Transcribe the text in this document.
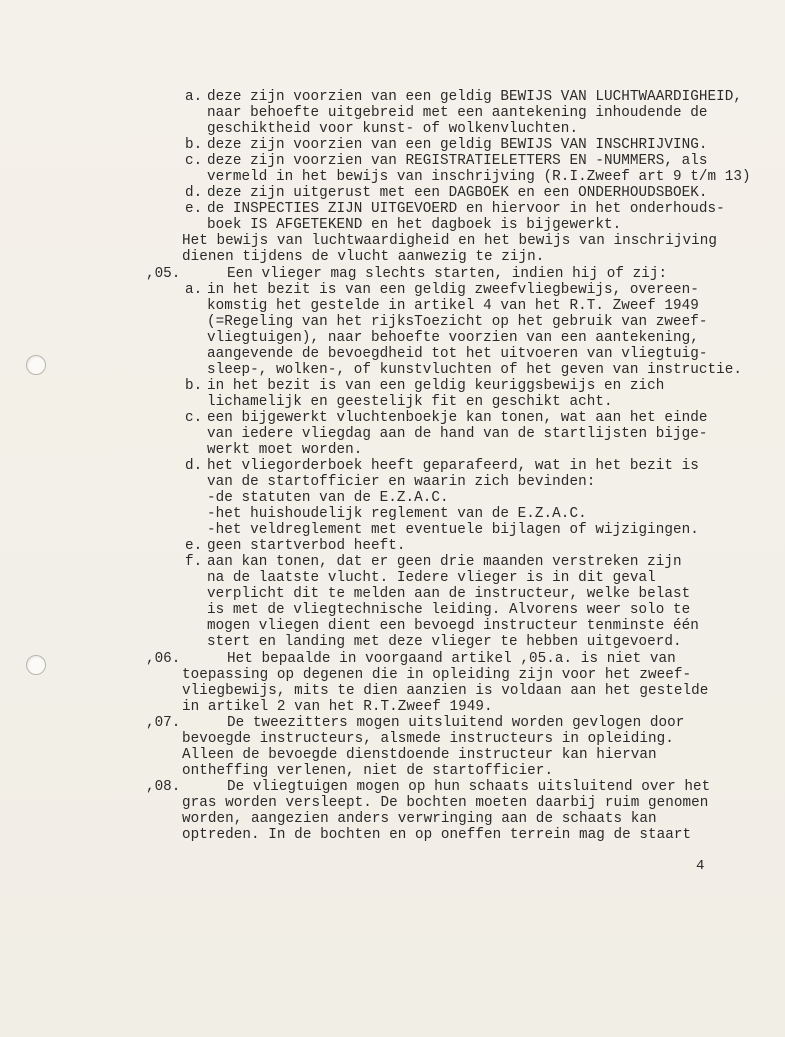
a. deze zijn voorzien van een geldig BEWIJS VAN LUCHTWAARDIGHEID,
naar behoefte uitgebreid met een aantekening inhoudende de
geschiktheid voor kunst- of wolkenvluchten.
b. deze zijn voorzien van een geldig BEWIJS VAN INSCHRIJVING.
c. deze zijn voorzien van REGISTRATIELETTERS EN -NUMMERS, als
vermeld in het bewijs van inschrijving (R.I.Zweef art 9 t/m 13)
d. deze zijn uitgerust met een DAGBOEK en een ONDERHOUDSBOEK.
e. de INSPECTIES ZIJN UITGEVOERD en hiervoor in het onderhouds-
boek IS AFGETEKEND en het dagboek is bijgewerkt.
Het bewijs van luchtwaardigheid en het bewijs van inschrijving
dienen tijdens de vlucht aanwezig te zijn.
,05.	Een vlieger mag slechts starten, indien hij of zij:
a. in het bezit is van een geldig zweefvliegbewijs, overeen-
komstig het gestelde in artikel 4 van het R.T. Zweef 1949
(=Regeling van het rijksToezicht op het gebruik van zweef-
vliegtuigen), naar behoefte voorzien van een aantekening,
aangevende de bevoegdheid tot het uitvoeren van vliegtuig-
sleep-, wolken-, of kunstvluchten of het geven van instructie.
b. in het bezit is van een geldig keuriggsbewijs en zich
lichamelijk en geestelijk fit en geschikt acht.
c. een bijgewerkt vluchtenboekje kan tonen, wat aan het einde
van iedere vliegdag aan de hand van de startlijsten bijge-
werkt moet worden.
d. het vliegorderboek heeft geparafeerd, wat in het bezit is
van de startofficier en waarin zich bevinden:
-de statuten van de E.Z.A.C.
-het huishoudelijk reglement van de E.Z.A.C.
-het veldreglement met eventuele bijlagen of wijzigingen.
e. geen startverbod heeft.
f. aan kan tonen, dat er geen drie maanden verstreken zijn
na de laatste vlucht. Iedere vlieger is in dit geval
verplicht dit te melden aan de instructeur, welke belast
is met de vliegtechnische leiding. Alvorens weer solo te
mogen vliegen dient een bevoegd instructeur tenminste één
stert en landing met deze vlieger te hebben uitgevoerd.
,06.	Het bepaalde in voorgaand artikel ,05.a. is niet van
toepassing op degenen die in opleiding zijn voor het zweef-
vliegbewijs, mits te dien aanzien is voldaan aan het gestelde
in artikel 2 van het R.T.Zweef 1949.
,07.	De tweezitters mogen uitsluitend worden gevlogen door
bevoegde instructeurs, alsmede instructeurs in opleiding.
Alleen de bevoegde dienstdoende instructeur kan hiervan
ontheffing verlenen, niet de startofficier.
,08.	De vliegtuigen mogen op hun schaats uitsluitend over het
gras worden versleept. De bochten moeten daarbij ruim genomen
worden, aangezien anders verwringing aan de schaats kan
optreden. In de bochten en op oneffen terrein mag de staart
4
